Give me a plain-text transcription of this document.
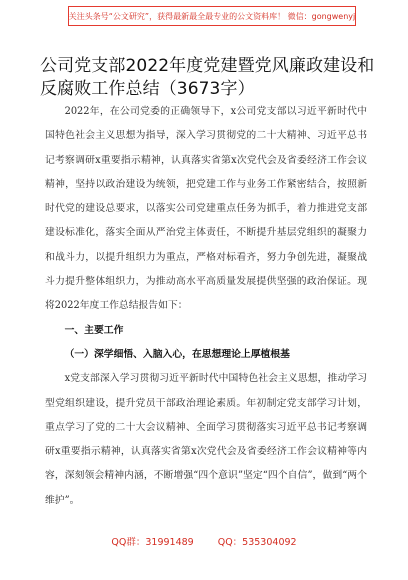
关注头条号“公文研究”，获得最新最全最专业的公文资料库！ 微信：gongwenyj
公司党支部2022年度党建暨党风廉政建设和反腐败工作总结（3673字）

2022年，在公司党委的正确领导下，x公司党支部以习近平新时代中国特色社会主义思想为指导，深入学习贯彻党的二十大精神、习近平总书记考察调研x重要指示精神，认真落实省第x次党代会及省委经济工作会议精神，坚持以政治建设为统领，把党建工作与业务工作紧密结合，按照新时代党的建设总要求，以落实公司党建重点任务为抓手，着力推进党支部建设标准化，落实全面从严治党主体责任，不断提升基层党组织的凝聚力和战斗力，以提升组织力为重点，严格对标看齐，努力争创先进，凝聚战斗力提升整体组织力，为推动高水平高质量发展提供坚强的政治保证。现将2022年度工作总结报告如下：

一、主要工作

（一）深学细悟、入脑入心，在思想理论上厚植根基

x党支部深入学习贯彻习近平新时代中国特色社会主义思想，推动学习型党组织建设，提升党员干部政治理论素质。年初制定党支部学习计划，重点学习了党的二十大会议精神、全面学习贯彻落实习近平总书记考察调研x重要指示精神，认真落实省第x次党代会及省委经济工作会议精神等内容，深刻领会精神内涵，不断增强“四个意识”坚定“四个自信”，做到“两个维护”。

QQ群：31991489	QQ：535304092
